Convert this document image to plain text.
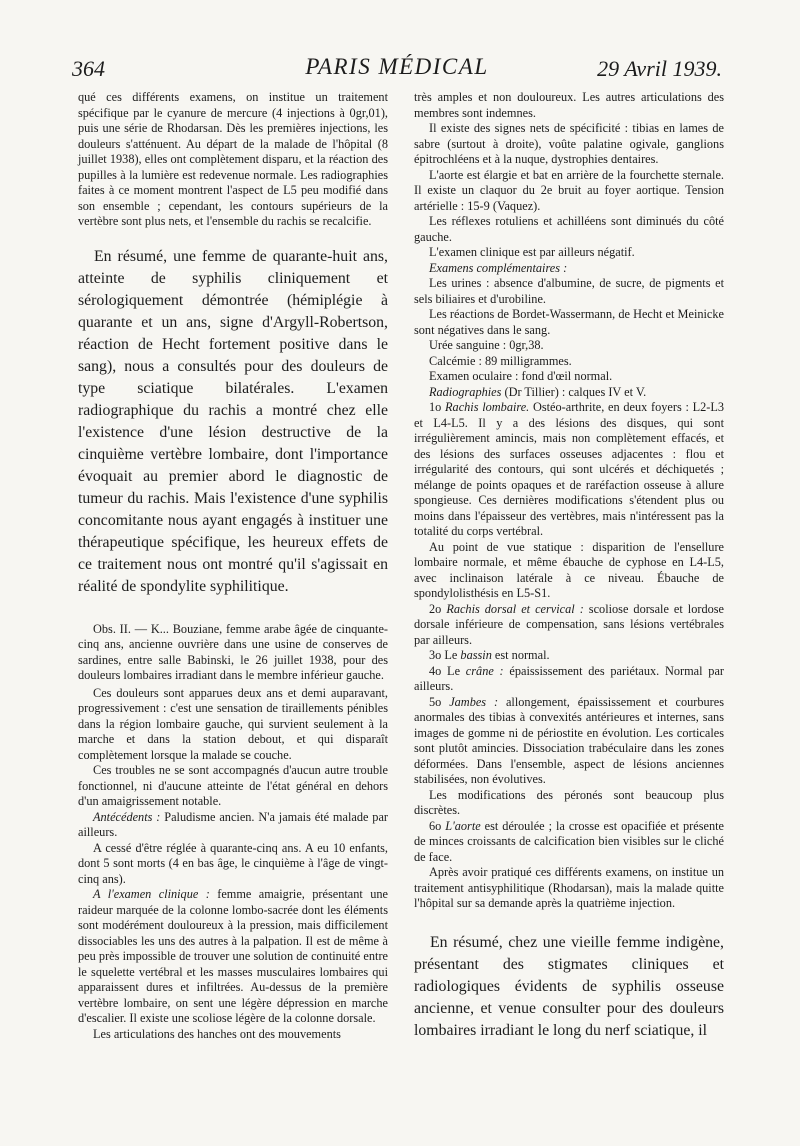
364	PARIS MÉDICAL	29 Avril 1939.

qué ces différents examens, on institue un traitement spécifique par le cyanure de mercure (4 injections à 0gr,01), puis une série de Rhodarsan. Dès les premières injections, les douleurs s'atténuent. Au départ de la malade de l'hôpital (8 juillet 1938), elles ont complètement disparu, et la réaction des pupilles à la lumière est redevenue normale. Les radiographies faites à ce moment montrent l'aspect de L5 peu modifié dans son ensemble ; cependant, les contours supérieurs de la vertèbre sont plus nets, et l'ensemble du rachis se recalcifie.

En résumé, une femme de quarante-huit ans, atteinte de syphilis cliniquement et sérologiquement démontrée (hémiplégie à quarante et un ans, signe d'Argyll-Robertson, réaction de Hecht fortement positive dans le sang), nous a consultés pour des douleurs de type sciatique bilatérales. L'examen radiographique du rachis a montré chez elle l'existence d'une lésion destructive de la cinquième vertèbre lombaire, dont l'importance évoquait au premier abord le diagnostic de tumeur du rachis. Mais l'existence d'une syphilis concomitante nous ayant engagés à instituer une thérapeutique spécifique, les heureux effets de ce traitement nous ont montré qu'il s'agissait en réalité de spondylite syphilitique.

Obs. II. — K... Bouziane, femme arabe âgée de cinquante-cinq ans, ancienne ouvrière dans une usine de conserves de sardines, entre salle Babinski, le 26 juillet 1938, pour des douleurs lombaires irradiant dans le membre inférieur gauche.

Ces douleurs sont apparues deux ans et demi auparavant, progressivement : c'est une sensation de tiraillements pénibles dans la région lombaire gauche, qui survient seulement à la marche et dans la station debout, et qui disparaît complètement lorsque la malade se couche.

Ces troubles ne se sont accompagnés d'aucun autre trouble fonctionnel, ni d'aucune atteinte de l'état général en dehors d'un amaigrissement notable.

Antécédents : Paludisme ancien. N'a jamais été malade par ailleurs.

A cessé d'être réglée à quarante-cinq ans. A eu 10 enfants, dont 5 sont morts (4 en bas âge, le cinquième à l'âge de vingt-cinq ans).

A l'examen clinique : femme amaigrie, présentant une raideur marquée de la colonne lombo-sacrée dont les éléments sont modérément douloureux à la pression, mais difficilement dissociables les uns des autres à la palpation. Il est de même à peu près impossible de trouver une solution de continuité entre le squelette vertébral et les masses musculaires lombaires qui apparaissent dures et infiltrées. Au-dessus de la première vertèbre lombaire, on sent une légère dépression en marche d'escalier. Il existe une scoliose légère de la colonne dorsale.

Les articulations des hanches ont des mouvements

très amples et non douloureux. Les autres articulations des membres sont indemnes.

Il existe des signes nets de spécificité : tibias en lames de sabre (surtout à droite), voûte palatine ogivale, ganglions épitrochléens et à la nuque, dystrophies dentaires.

L'aorte est élargie et bat en arrière de la fourchette sternale. Il existe un claquor du 2e bruit au foyer aortique. Tension artérielle : 15-9 (Vaquez).

Les réflexes rotuliens et achilléens sont diminués du côté gauche.

L'examen clinique est par ailleurs négatif.

Examens complémentaires :

Les urines : absence d'albumine, de sucre, de pigments et sels biliaires et d'urobiline.

Les réactions de Bordet-Wassermann, de Hecht et Meinicke sont négatives dans le sang.

Urée sanguine : 0gr,38.

Calcémie : 89 milligrammes.

Examen oculaire : fond d'œil normal.

Radiographies (Dr Tillier) : calques IV et V.

1o Rachis lombaire. Ostéo-arthrite, en deux foyers : L2-L3 et L4-L5. Il y a des lésions des disques, qui sont irrégulièrement amincis, mais non complètement effacés, et des lésions des surfaces osseuses adjacentes : flou et irrégularité des contours, qui sont ulcérés et déchiquetés ; mélange de points opaques et de raréfaction osseuse à allure spongieuse. Ces dernières modifications s'étendent plus ou moins dans l'épaisseur des vertèbres, mais n'intéressent pas la totalité du corps vertébral.

Au point de vue statique : disparition de l'ensellure lombaire normale, et même ébauche de cyphose en L4-L5, avec inclinaison latérale à ce niveau. Ébauche de spondylolisthésis en L5-S1.

2o Rachis dorsal et cervical : scoliose dorsale et lordose dorsale inférieure de compensation, sans lésions vertébrales par ailleurs.

3o Le bassin est normal.

4o Le crâne : épaississement des pariétaux. Normal par ailleurs.

5o Jambes : allongement, épaississement et courbures anormales des tibias à convexités antérieures et internes, sans images de gomme ni de périostite en évolution. Les corticales sont plutôt amincies. Dissociation trabéculaire dans les zones déformées. Dans l'ensemble, aspect de lésions anciennes stabilisées, non évolutives.

Les modifications des péronés sont beaucoup plus discrètes.

6o L'aorte est déroulée ; la crosse est opacifiée et présente de minces croissants de calcification bien visibles sur le cliché de face.

Après avoir pratiqué ces différents examens, on institue un traitement antisyphilitique (Rhodarsan), mais la malade quitte l'hôpital sur sa demande après la quatrième injection.

En résumé, chez une vieille femme indigène, présentant des stigmates cliniques et radiologiques évidents de syphilis osseuse ancienne, et venue consulter pour des douleurs lombaires irradiant le long du nerf sciatique, il
